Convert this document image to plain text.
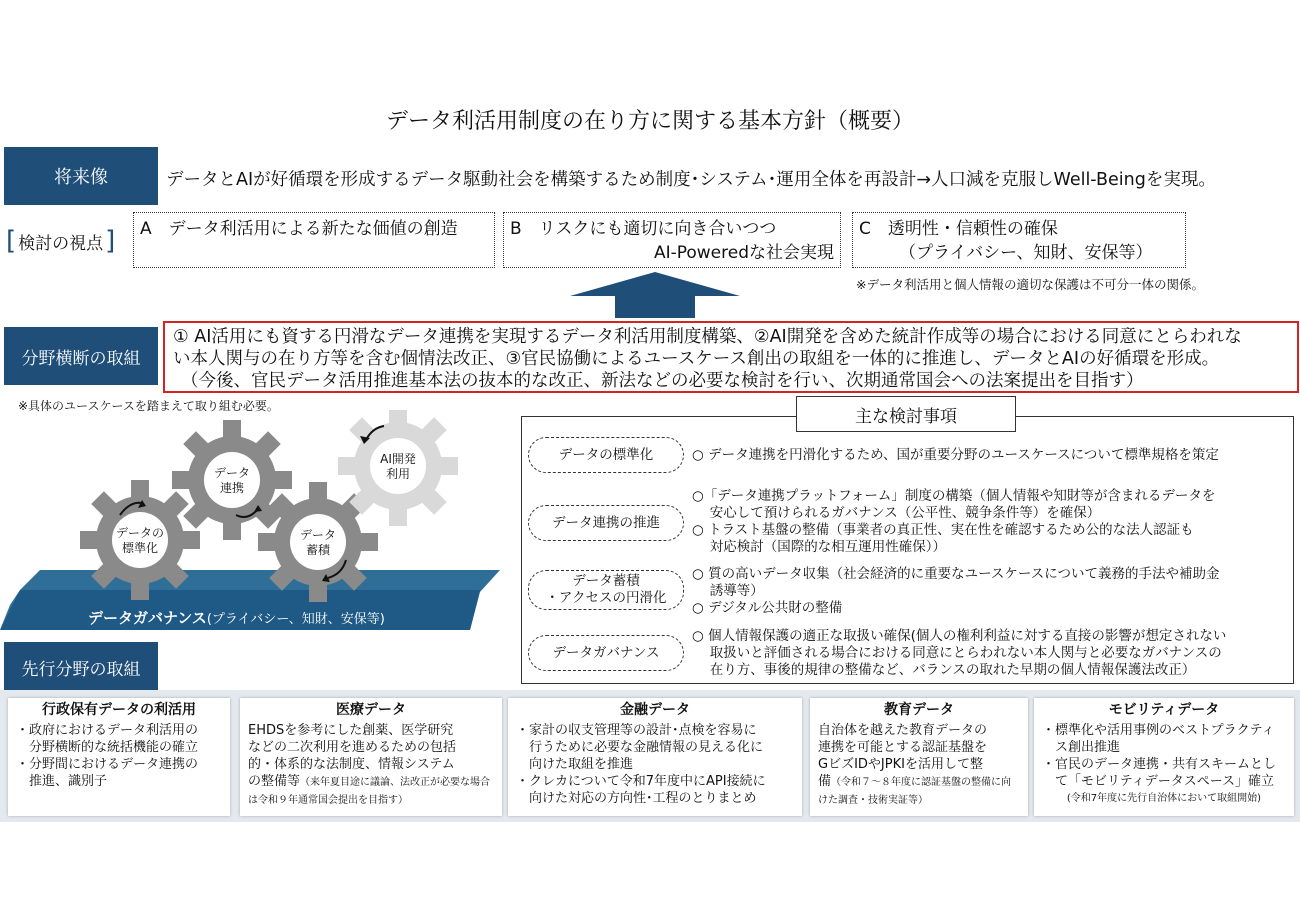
データ利活用制度の在り方に関する基本方針（概要）
将来像	データとAIが好循環を形成するデータ駆動社会を構築するため制度･システム･運用全体を再設計→人口減を克服しWell-Beingを実現。
[ 検討の視点 ] A　データ利活用による新たな価値の創造	B　リスクにも適切に向き合いつつ
AI-Poweredな社会実現
C　透明性・信頼性の確保
（プライバシー、知財、安保等）
※データ利活用と個人情報の適切な保護は不可分一体の関係。
分野横断の取組
① AI活用にも資する円滑なデータ連携を実現するデータ利活用制度構築、②AI開発を含めた統計作成等の場合における同意にとらわれな
い本人関与の在り方等を含む個情法改正、③官民協働によるユースケース創出の取組を一体的に推進し、データとAIの好循環を形成。
（今後、官民データ活用推進基本法の抜本的な改正、新法などの必要な検討を行い、次期通常国会への法案提出を目指す）
※具体のユースケースを踏まえて取り組む必要。
データの
標準化
データ
連携
データ
蓄積
AI開発
利用
データガバナンス(プライバシー、知財、安保等)
主な検討事項
データの標準化	○ データ連携を円滑化するため、国が重要分野のユースケースについて標準規格を策定
データ連携の推進
○「データ連携プラットフォーム」制度の構築（個人情報や知財等が含まれるデータを
　 安心して預けられるガバナンス（公平性、競争条件等）を確保）
○ トラスト基盤の整備（事業者の真正性、実在性を確認するため公的な法人認証も
　 対応検討（国際的な相互運用性確保））
データ蓄積
・アクセスの円滑化
○ 質の高いデータ収集（社会経済的に重要なユースケースについて義務的手法や補助金
　 誘導等）
○ デジタル公共財の整備
データガバナンス
○ 個人情報保護の適正な取扱い確保(個人の権利利益に対する直接の影響が想定されない
　 取扱いと評価される場合における同意にとらわれない本人関与と必要なガバナンスの
　 在り方、事後的規律の整備など、バランスの取れた早期の個人情報保護法改正）
先行分野の取組
行政保有データの利活用
・政府におけるデータ利活用の
　分野横断的な統括機能の確立
・分野間におけるデータ連携の
　推進、識別子
医療データ
EHDSを参考にした創薬、医学研究
などの二次利用を進めるための包括
的・体系的な法制度、情報システム
の整備等（来年夏目途に議論、法改正が必要な場合は令和９年通常国会提出を目指す）
金融データ
・家計の収支管理等の設計･点検を容易に
　行うために必要な金融情報の見える化に
　向けた取組を推進
・クレカについて令和7年度中にAPI接続に
　向けた対応の方向性･工程のとりまとめ
教育データ
自治体を越えた教育データの
連携を可能とする認証基盤を
GビズIDやJPKIを活用して整
備（令和７～８年度に認証基盤の整備に向けた調査・技術実証等）
モビリティデータ
・標準化や活用事例のベストプラクティ
　ス創出推進
・官民のデータ連携・共有スキームとし
　て「モビリティデータスペース」確立
(令和7年度に先行自治体において取組開始)
